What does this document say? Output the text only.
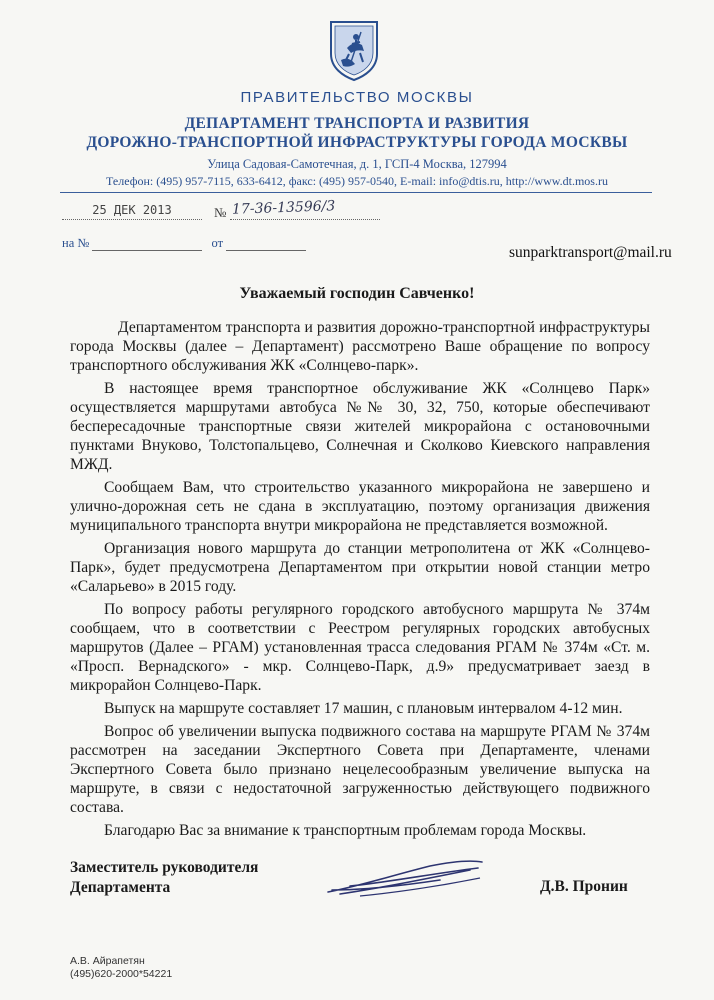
ПРАВИТЕЛЬСТВО МОСКВЫ
ДЕПАРТАМЕНТ ТРАНСПОРТА И РАЗВИТИЯ
ДОРОЖНО-ТРАНСПОРТНОЙ ИНФРАСТРУКТУРЫ ГОРОДА МОСКВЫ
Улица Садовая-Самотечная, д. 1, ГСП-4 Москва, 127994
Телефон: (495) 957-7115, 633-6412, факс: (495) 957-0540, E-mail: info@dtis.ru, http://www.dt.mos.ru
25 ДЕК 2013	№ 17-36-13596/3
на №	от
sunparktransport@mail.ru
Уважаемый господин Савченко!

Департаментом транспорта и развития дорожно-транспортной инфраструктуры города Москвы (далее – Департамент) рассмотрено Ваше обращение по вопросу транспортного обслуживания ЖК «Солнцево-парк».

В настоящее время транспортное обслуживание ЖК «Солнцево Парк» осуществляется маршрутами автобуса №№ 30, 32, 750, которые обеспечивают беспересадочные транспортные связи жителей микрорайона с остановочными пунктами Внуково, Толстопальцево, Солнечная и Сколково Киевского направления МЖД.

Сообщаем Вам, что строительство указанного микрорайона не завершено и улично-дорожная сеть не сдана в эксплуатацию, поэтому организация движения муниципального транспорта внутри микрорайона не представляется возможной.

Организация нового маршрута до станции метрополитена от ЖК «Солнцево-Парк», будет предусмотрена Департаментом при открытии новой станции метро «Саларьево» в 2015 году.

По вопросу работы регулярного городского автобусного маршрута № 374м сообщаем, что в соответствии с Реестром регулярных городских автобусных маршрутов (Далее – РГАМ) установленная трасса следования РГАМ № 374м «Ст. м. «Просп. Вернадского» - мкр. Солнцево-Парк, д.9» предусматривает заезд в микрорайон Солнцево-Парк.

Выпуск на маршруте составляет 17 машин, с плановым интервалом 4-12 мин.

Вопрос об увеличении выпуска подвижного состава на маршруте РГАМ № 374м рассмотрен на заседании Экспертного Совета при Департаменте, членами Экспертного Совета было признано нецелесообразным увеличение выпуска на маршруте, в связи с недостаточной загруженностью действующего подвижного состава.

Благодарю Вас за внимание к транспортным проблемам города Москвы.

Заместитель руководителя
Департамента	Д.В. Пронин
А.В. Айрапетян
(495)620-2000*54221
